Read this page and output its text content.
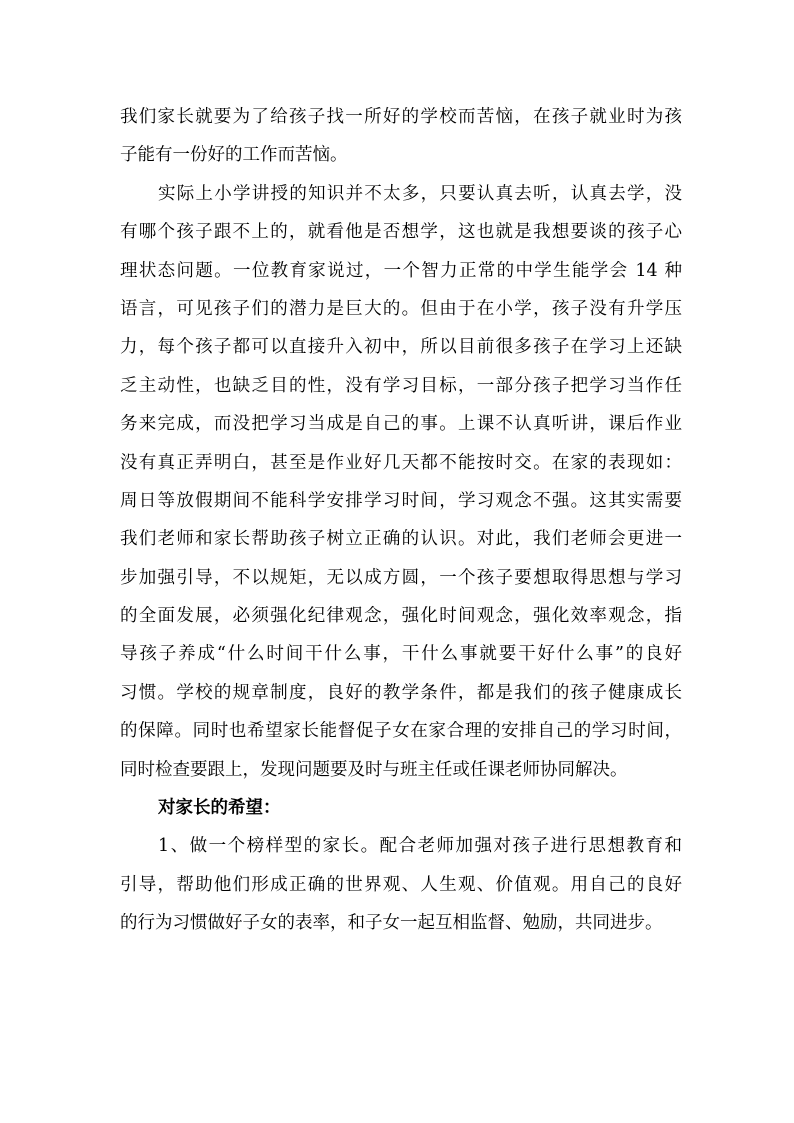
我们家长就要为了给孩子找一所好的学校而苦恼，在孩子就业时为孩
子能有一份好的工作而苦恼。
实际上小学讲授的知识并不太多，只要认真去听，认真去学，没
有哪个孩子跟不上的，就看他是否想学，这也就是我想要谈的孩子心
理状态问题。一位教育家说过，一个智力正常的中学生能学会 14 种
语言，可见孩子们的潜力是巨大的。但由于在小学，孩子没有升学压
力，每个孩子都可以直接升入初中，所以目前很多孩子在学习上还缺
乏主动性，也缺乏目的性，没有学习目标，一部分孩子把学习当作任
务来完成，而没把学习当成是自己的事。上课不认真听讲，课后作业
没有真正弄明白，甚至是作业好几天都不能按时交。在家的表现如：
周日等放假期间不能科学安排学习时间，学习观念不强。这其实需要
我们老师和家长帮助孩子树立正确的认识。对此，我们老师会更进一
步加强引导，不以规矩，无以成方圆，一个孩子要想取得思想与学习
的全面发展，必须强化纪律观念，强化时间观念，强化效率观念，指
导孩子养成“什么时间干什么事，干什么事就要干好什么事”的良好
习惯。学校的规章制度，良好的教学条件，都是我们的孩子健康成长
的保障。同时也希望家长能督促子女在家合理的安排自己的学习时间，
同时检查要跟上，发现问题要及时与班主任或任课老师协同解决。
对家长的希望：
1、做一个榜样型的家长。配合老师加强对孩子进行思想教育和
引导，帮助他们形成正确的世界观、人生观、价值观。用自己的良好
的行为习惯做好子女的表率，和子女一起互相监督、勉励，共同进步。
